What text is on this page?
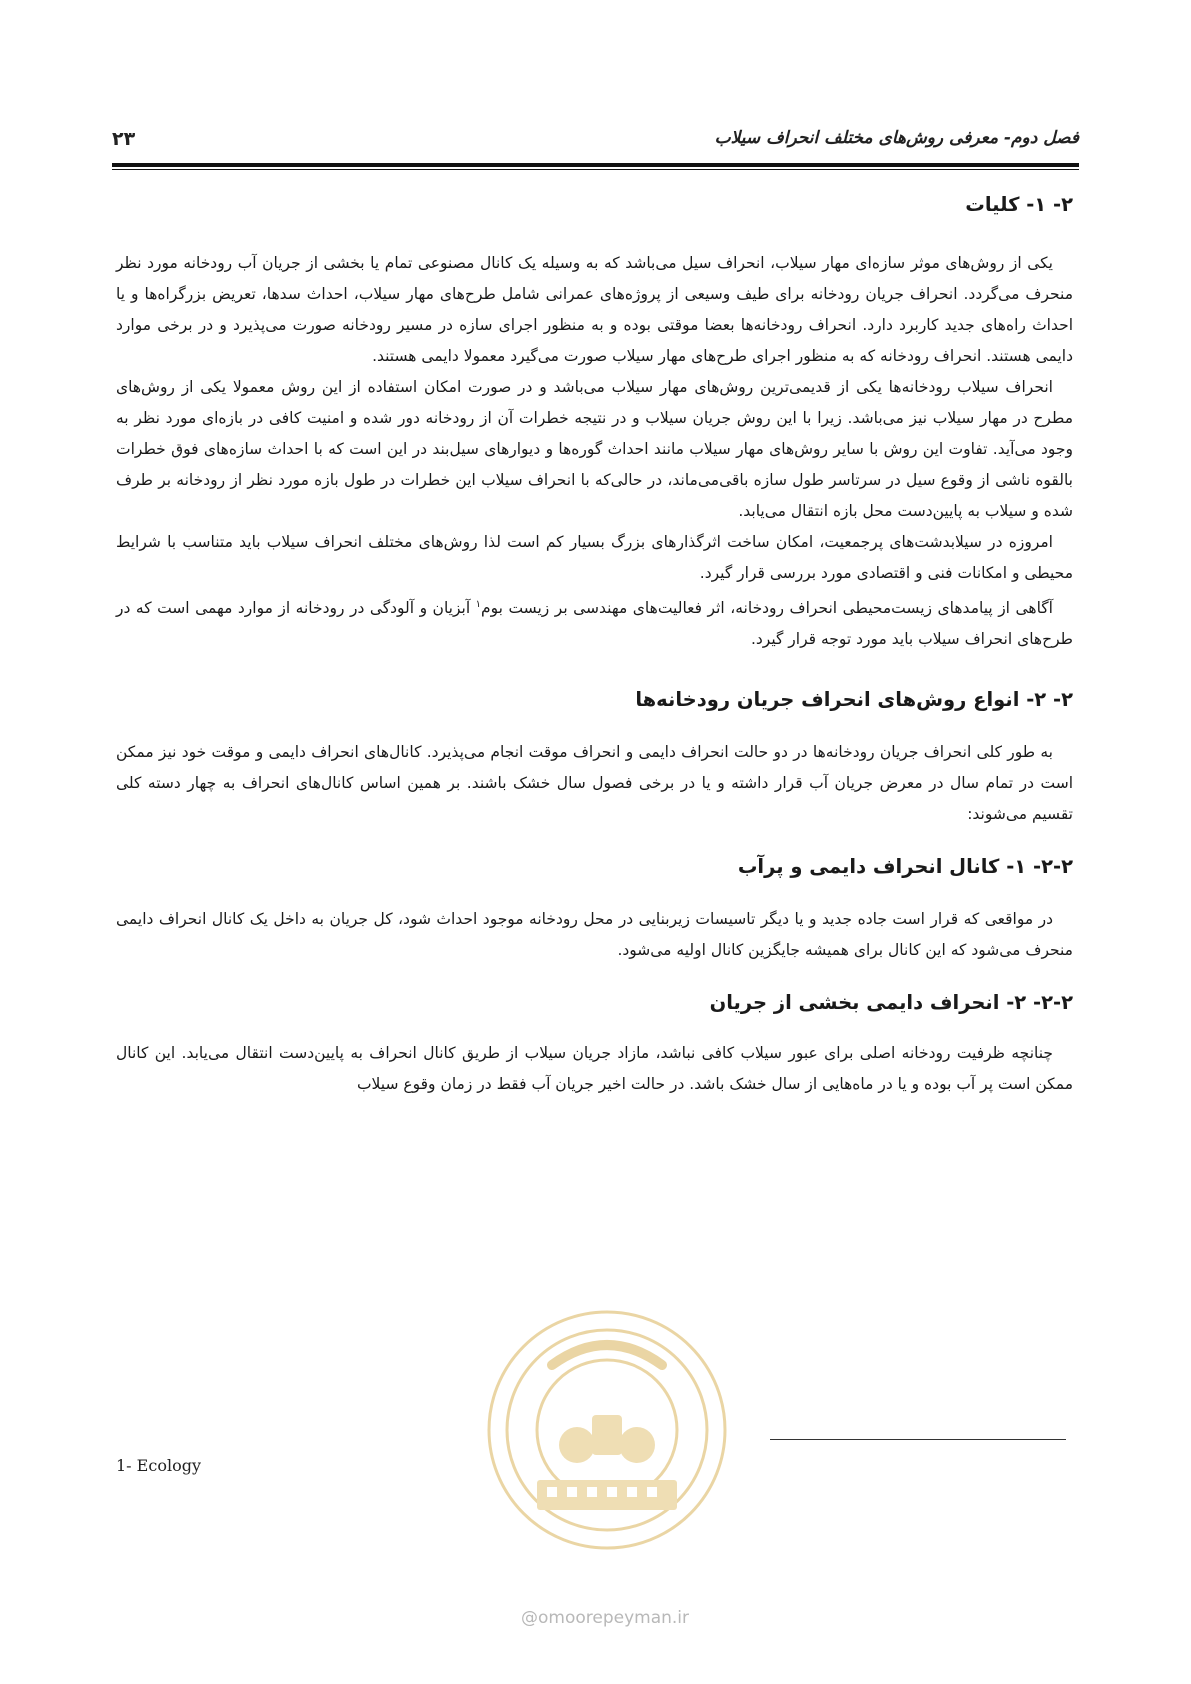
فصل دوم- معرفی روش‌های مختلف انحراف سیلاب
۲۳
۲- ۱- کلیات

یکی از روش‌های موثر سازه‌ای مهار سیلاب، انحراف سیل می‌باشد که به وسیله یک کانال مصنوعی تمام یا بخشی از جریان آب رودخانه مورد نظر منحرف می‌گردد. انحراف جریان رودخانه برای طیف وسیعی از پروژه‌های عمرانی شامل طرح‌های مهار سیلاب، احداث سدها، تعریض بزرگراه‌ها و یا احداث راه‌های جدید کاربرد دارد. انحراف رودخانه‌ها بعضا موقتی بوده و به منظور اجرای سازه در مسیر رودخانه صورت می‌پذیرد و در برخی موارد دایمی هستند. انحراف رودخانه که به منظور اجرای طرح‌های مهار سیلاب صورت می‌گیرد معمولا دایمی هستند.

انحراف سیلاب رودخانه‌ها یکی از قدیمی‌ترین روش‌های مهار سیلاب می‌باشد و در صورت امکان استفاده از این روش معمولا یکی از روش‌های مطرح در مهار سیلاب نیز می‌باشد. زیرا با این روش جریان سیلاب و در نتیجه خطرات آن از رودخانه دور شده و امنیت کافی در بازه‌ای مورد نظر به وجود می‌آید. تفاوت این روش با سایر روش‌های مهار سیلاب مانند احداث گوره‌ها و دیوارهای سیل‌بند در این است که با احداث سازه‌های فوق خطرات بالقوه ناشی از وقوع سیل در سرتاسر طول سازه باقی‌می‌ماند، در حالی‌که با انحراف سیلاب این خطرات در طول بازه مورد نظر از رودخانه بر طرف شده و سیلاب به پایین‌دست محل بازه انتقال می‌یابد.

امروزه در سیلابدشت‌های پرجمعیت، امکان ساخت اثرگذارهای بزرگ بسیار کم است لذا روش‌های مختلف انحراف سیلاب باید متناسب با شرایط محیطی و امکانات فنی و اقتصادی مورد بررسی قرار گیرد.

آگاهی از پیامدهای زیست‌محیطی انحراف رودخانه، اثر فعالیت‌های مهندسی بر زیست بوم$^۱$ آبزیان و آلودگی در رودخانه از موارد مهمی است که در طرح‌های انحراف سیلاب باید مورد توجه قرار گیرد.

۲- ۲- انواع روش‌های انحراف جریان رودخانه‌ها

به طور کلی انحراف جریان رودخانه‌ها در دو حالت انحراف دایمی و انحراف موقت انجام می‌پذیرد. کانال‌های انحراف دایمی و موقت خود نیز ممکن است در تمام سال در معرض جریان آب قرار داشته و یا در برخی فصول سال خشک باشند. بر همین اساس کانال‌های انحراف به چهار دسته کلی تقسیم می‌شوند:

۲-۲- ۱- کانال انحراف دایمی و پرآب

در مواقعی که قرار است جاده جدید و یا دیگر تاسیسات زیربنایی در محل رودخانه موجود احداث شود، کل جریان به داخل یک کانال انحراف دایمی منحرف می‌شود که این کانال برای همیشه جایگزین کانال اولیه می‌شود.

۲-۲- ۲- انحراف دایمی بخشی از جریان

چنانچه ظرفیت رودخانه اصلی برای عبور سیلاب کافی نباشد، مازاد جریان سیلاب از طریق کانال انحراف به پایین‌دست انتقال می‌یابد. این کانال ممکن است پر آب بوده و یا در ماه‌هایی از سال خشک باشد. در حالت اخیر جریان آب فقط در زمان وقوع سیلاب

1- Ecology
@omoorepeyman.ir
